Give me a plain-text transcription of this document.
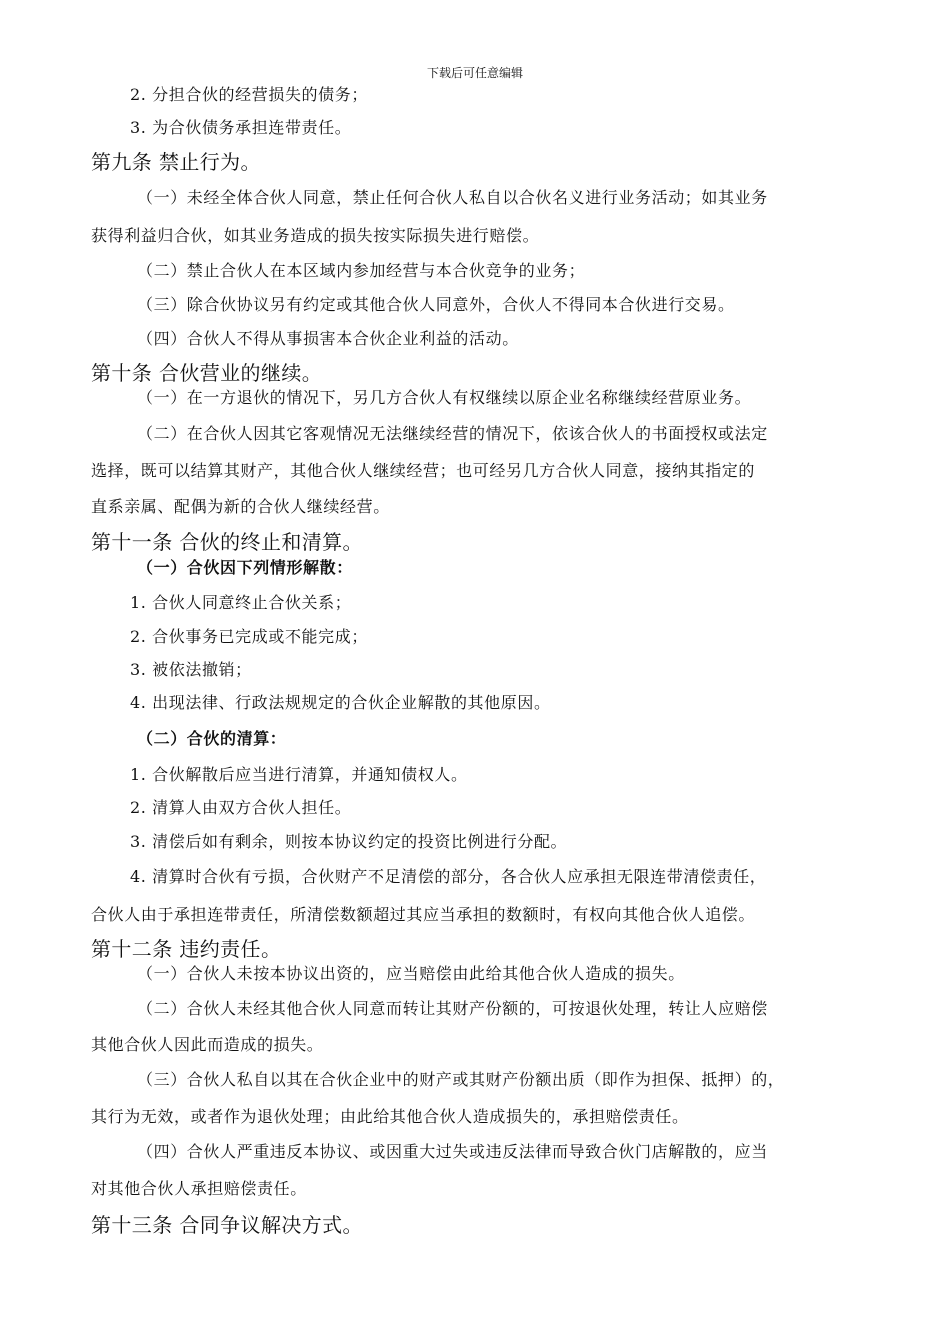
下载后可任意编辑
2. 分担合伙的经营损失的债务；
3. 为合伙债务承担连带责任。
第九条 禁止行为。
（一）未经全体合伙人同意，禁止任何合伙人私自以合伙名义进行业务活动；如其业务
获得利益归合伙，如其业务造成的损失按实际损失进行赔偿。
（二）禁止合伙人在本区域内参加经营与本合伙竞争的业务；
（三）除合伙协议另有约定或其他合伙人同意外，合伙人不得同本合伙进行交易。
（四）合伙人不得从事损害本合伙企业利益的活动。
第十条 合伙营业的继续。
（一）在一方退伙的情况下，另几方合伙人有权继续以原企业名称继续经营原业务。
（二）在合伙人因其它客观情况无法继续经营的情况下，依该合伙人的书面授权或法定
选择，既可以结算其财产，其他合伙人继续经营；也可经另几方合伙人同意，接纳其指定的
直系亲属、配偶为新的合伙人继续经营。
第十一条 合伙的终止和清算。
（一）合伙因下列情形解散：
1. 合伙人同意终止合伙关系；
2. 合伙事务已完成或不能完成；
3. 被依法撤销；
4. 出现法律、行政法规规定的合伙企业解散的其他原因。
（二）合伙的清算：
1. 合伙解散后应当进行清算，并通知债权人。
2. 清算人由双方合伙人担任。
3. 清偿后如有剩余，则按本协议约定的投资比例进行分配。
4. 清算时合伙有亏损，合伙财产不足清偿的部分，各合伙人应承担无限连带清偿责任，
合伙人由于承担连带责任，所清偿数额超过其应当承担的数额时，有权向其他合伙人追偿。
第十二条 违约责任。
（一）合伙人未按本协议出资的，应当赔偿由此给其他合伙人造成的损失。
（二）合伙人未经其他合伙人同意而转让其财产份额的，可按退伙处理，转让人应赔偿
其他合伙人因此而造成的损失。
（三）合伙人私自以其在合伙企业中的财产或其财产份额出质（即作为担保、抵押）的，
其行为无效，或者作为退伙处理；由此给其他合伙人造成损失的，承担赔偿责任。
（四）合伙人严重违反本协议、或因重大过失或违反法律而导致合伙门店解散的，应当
对其他合伙人承担赔偿责任。
第十三条 合同争议解决方式。
